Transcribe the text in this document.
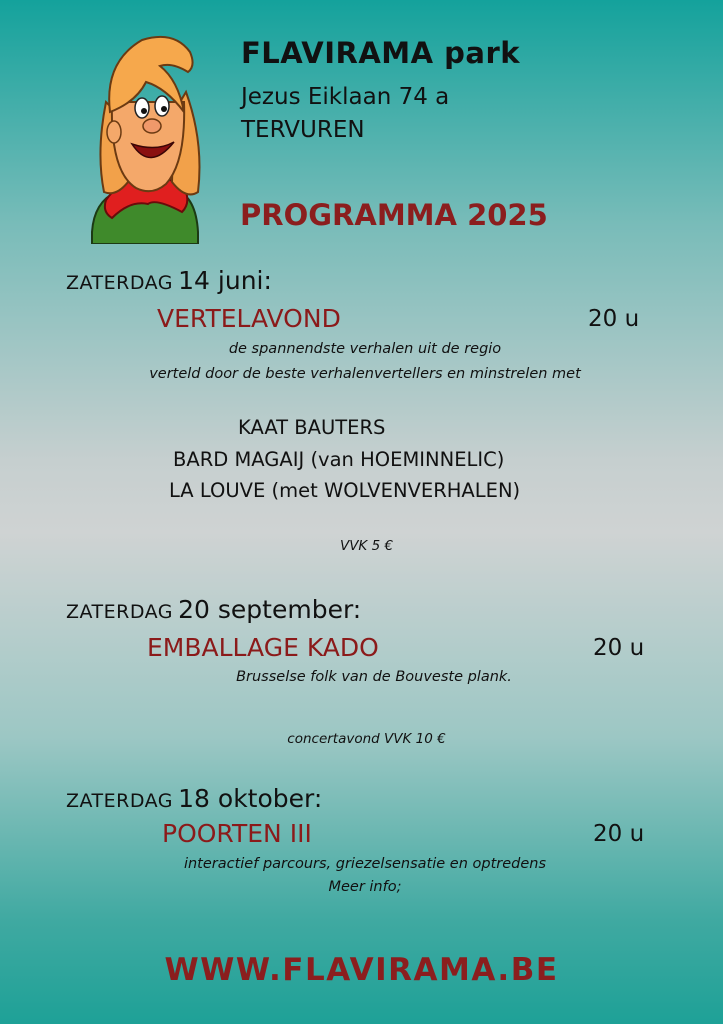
FLAVIRAMA park
Jezus Eiklaan 74 a
TERVUREN
PROGRAMMA 2025
ZATERDAG 14 juni:
VERTELAVOND	20 u
de spannendste verhalen uit de regio
verteld door de beste verhalenvertellers en minstrelen met
KAAT BAUTERS
BARD MAGAIJ (van HOEMINNELIC)
LA LOUVE (met WOLVENVERHALEN)
VVK 5 €
ZATERDAG 20 september:
EMBALLAGE KADO	20 u
Brusselse folk van de Bouveste plank.
concertavond VVK 10 €
ZATERDAG 18 oktober:
POORTEN III	20 u
interactief parcours, griezelsensatie en optredens
Meer info;
WWW.FLAVIRAMA.BE
